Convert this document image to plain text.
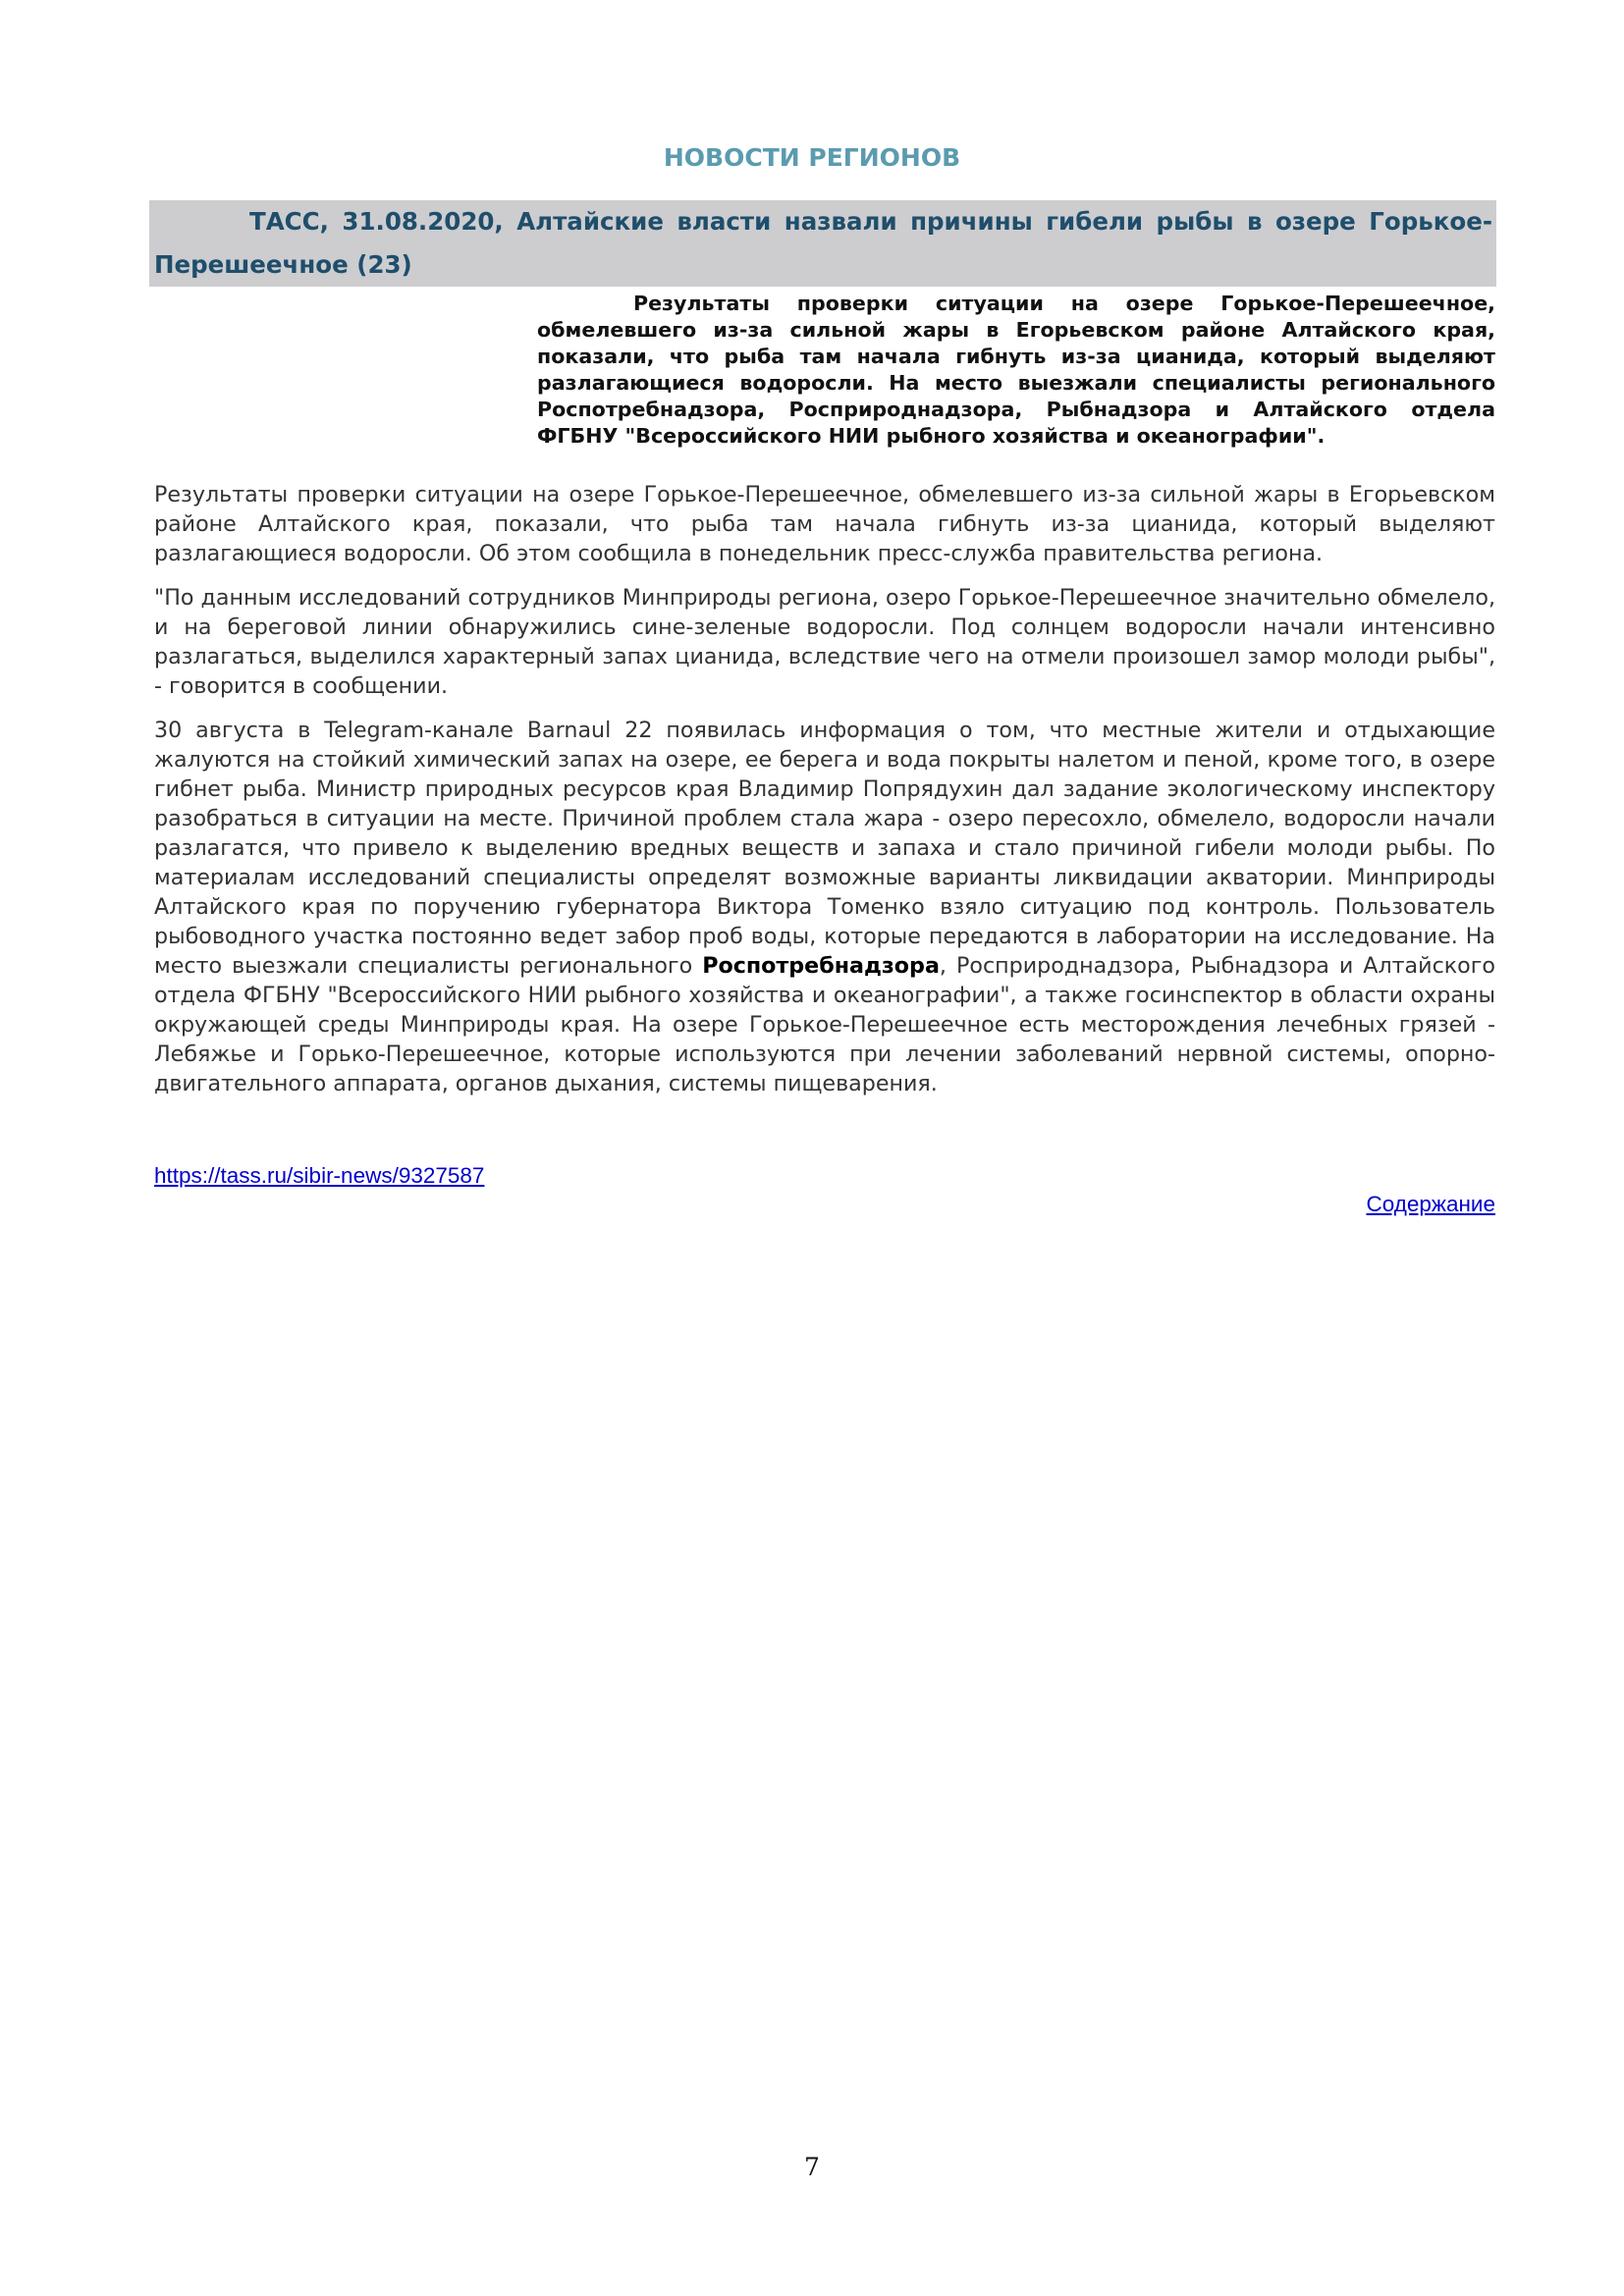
НОВОСТИ РЕГИОНОВ

ТАСС, 31.08.2020, Алтайские власти назвали причины гибели рыбы в озере Горькое-Перешеечное (23)

Результаты проверки ситуации на озере Горькое-Перешеечное, обмелевшего из-за сильной жары в Егорьевском районе Алтайского края, показали, что рыба там начала гибнуть из-за цианида, который выделяют разлагающиеся водоросли. На место выезжали специалисты регионального Роспотребнадзора, Росприроднадзора, Рыбнадзора и Алтайского отдела ФГБНУ "Всероссийского НИИ рыбного хозяйства и океанографии".

Результаты проверки ситуации на озере Горькое-Перешеечное, обмелевшего из-за сильной жары в Егорьевском районе Алтайского края, показали, что рыба там начала гибнуть из-за цианида, который выделяют разлагающиеся водоросли. Об этом сообщила в понедельник пресс-служба правительства региона.

"По данным исследований сотрудников Минприроды региона, озеро Горькое-Перешеечное значительно обмелело, и на береговой линии обнаружились сине-зеленые водоросли. Под солнцем водоросли начали интенсивно разлагаться, выделился характерный запах цианида, вследствие чего на отмели произошел замор молоди рыбы", - говорится в сообщении.

30 августа в Telegram-канале Barnaul 22 появилась информация о том, что местные жители и отдыхающие жалуются на стойкий химический запах на озере, ее берега и вода покрыты налетом и пеной, кроме того, в озере гибнет рыба. Министр природных ресурсов края Владимир Попрядухин дал задание экологическому инспектору разобраться в ситуации на месте. Причиной проблем стала жара - озеро пересохло, обмелело, водоросли начали разлагатся, что привело к выделению вредных веществ и запаха и стало причиной гибели молоди рыбы. По материалам исследований специалисты определят возможные варианты ликвидации акватории. Минприроды Алтайского края по поручению губернатора Виктора Томенко взяло ситуацию под контроль. Пользователь рыбоводного участка постоянно ведет забор проб воды, которые передаются в лаборатории на исследование. На место выезжали специалисты регионального Роспотребнадзора, Росприроднадзора, Рыбнадзора и Алтайского отдела ФГБНУ "Всероссийского НИИ рыбного хозяйства и океанографии", а также госинспектор в области охраны окружающей среды Минприроды края. На озере Горькое-Перешеечное есть месторождения лечебных грязей - Лебяжье и Горько-Перешеечное, которые используются при лечении заболеваний нервной системы, опорно-двигательного аппарата, органов дыхания, системы пищеварения.

https://tass.ru/sibir-news/9327587
Содержание
7
